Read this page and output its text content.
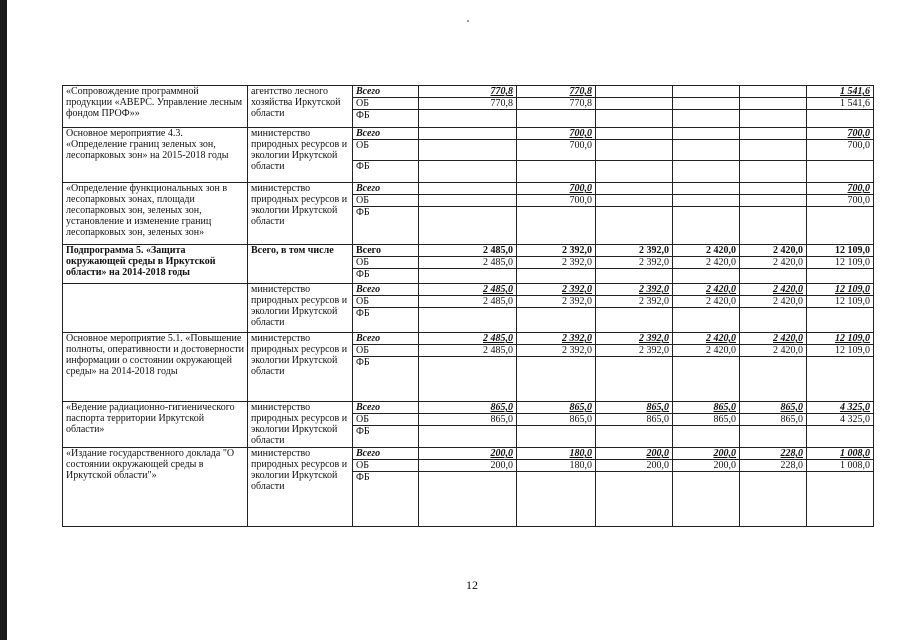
«Сопровождение программной продукции «АВЕРС. Управление лесным фондом ПРОФ»»	агентство лесного хозяйства Иркутской области	Всего	770,8	770,8				1 541,6
		ОБ	770,8	770,8				1 541,6
		ФБ						
Основное мероприятие 4.3. «Определение границ зеленых зон, лесопарковых зон» на 2015-2018 годы	министерство природных ресурсов и экологии Иркутской области	Всего		700,0				700,0
		ОБ		700,0				700,0
		ФБ						
«Определение функциональных зон в лесопарковых зонах, площади лесопарковых зон, зеленых зон, установление и изменение границ лесопарковых зон, зеленых зон»	министерство природных ресурсов и экологии Иркутской области	Всего		700,0				700,0
		ОБ		700,0				700,0
		ФБ						
Подпрограмма 5. «Защита окружающей среды в Иркутской области» на 2014-2018 годы	Всего, в том числе	Всего	2 485,0	2 392,0	2 392,0	2 420,0	2 420,0	12 109,0
		ОБ	2 485,0	2 392,0	2 392,0	2 420,0	2 420,0	12 109,0
		ФБ						
	министерство природных ресурсов и экологии Иркутской области	Всего	2 485,0	2 392,0	2 392,0	2 420,0	2 420,0	12 109,0
		ОБ	2 485,0	2 392,0	2 392,0	2 420,0	2 420,0	12 109,0
		ФБ						
Основное мероприятие 5.1. «Повышение полноты, оперативности и достоверности информации о состоянии окружающей среды» на 2014-2018 годы	министерство природных ресурсов и экологии Иркутской области	Всего	2 485,0	2 392,0	2 392,0	2 420,0	2 420,0	12 109,0
		ОБ	2 485,0	2 392,0	2 392,0	2 420,0	2 420,0	12 109,0
		ФБ						
«Ведение радиационно-гигиенического паспорта территории Иркутской области»	министерство природных ресурсов и экологии Иркутской области	Всего	865,0	865,0	865,0	865,0	865,0	4 325,0
		ОБ	865,0	865,0	865,0	865,0	865,0	4 325,0
		ФБ						
«Издание государственного доклада "О состоянии окружающей среды в Иркутской области"»	министерство природных ресурсов и экологии Иркутской области	Всего	200,0	180,0	200,0	200,0	228,0	1 008,0
		ОБ	200,0	180,0	200,0	200,0	228,0	1 008,0
		ФБ						
12
